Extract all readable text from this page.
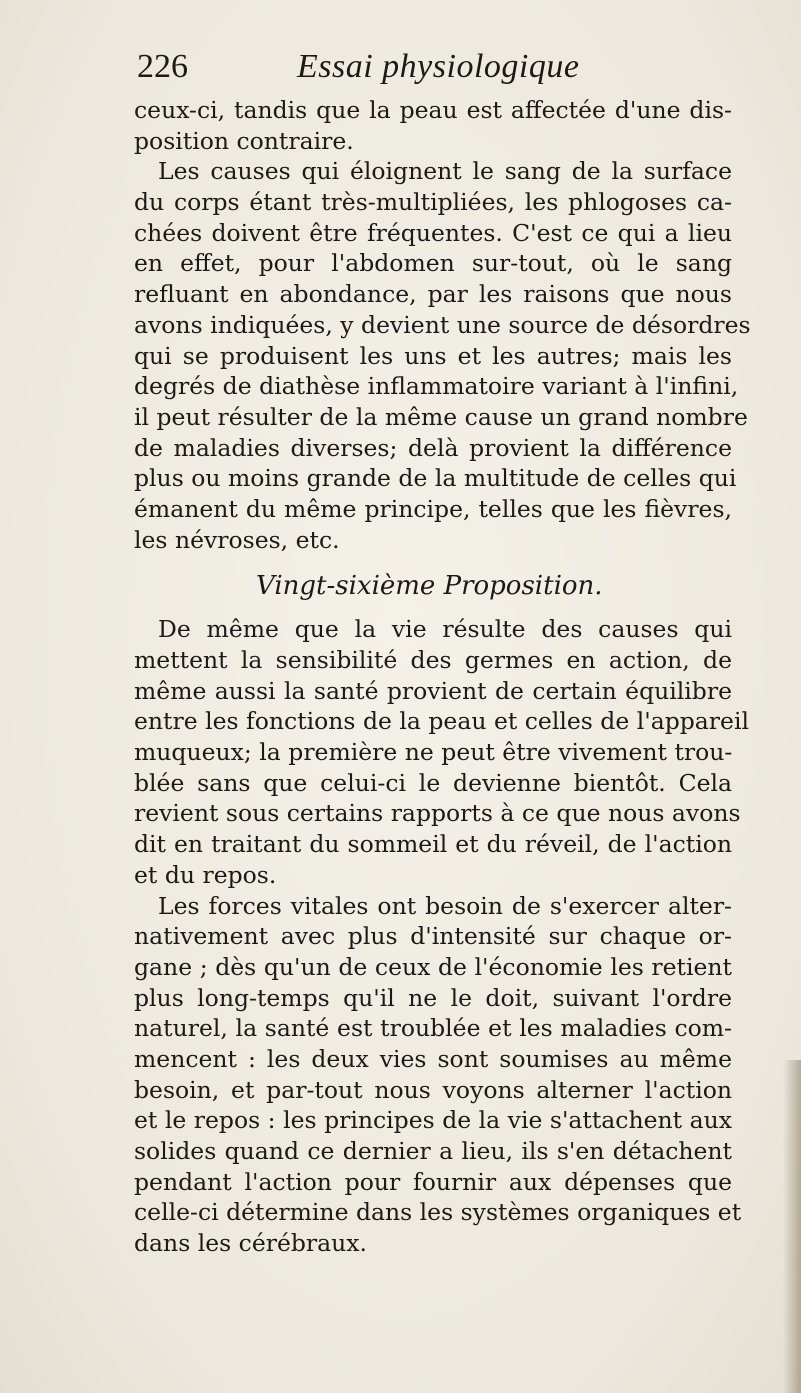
226	Essai physiologique
ceux-ci, tandis que la peau est affectée d'une dis-
position contraire.
Les causes qui éloignent le sang de la surface
du corps étant très-multipliées, les phlogoses ca-
chées doivent être fréquentes. C'est ce qui a lieu
en effet, pour l'abdomen sur-tout, où le sang
refluant en abondance, par les raisons que nous
avons indiquées, y devient une source de désordres
qui se produisent les uns et les autres; mais les
degrés de diathèse inflammatoire variant à l'infini,
il peut résulter de la même cause un grand nombre
de maladies diverses; delà provient la différence
plus ou moins grande de la multitude de celles qui
émanent du même principe, telles que les fièvres,
les névroses, etc.
Vingt-sixième Proposition.
De même que la vie résulte des causes qui
mettent la sensibilité des germes en action, de
même aussi la santé provient de certain équilibre
entre les fonctions de la peau et celles de l'appareil
muqueux; la première ne peut être vivement trou-
blée sans que celui-ci le devienne bientôt. Cela
revient sous certains rapports à ce que nous avons
dit en traitant du sommeil et du réveil, de l'action
et du repos.
Les forces vitales ont besoin de s'exercer alter-
nativement avec plus d'intensité sur chaque or-
gane ; dès qu'un de ceux de l'économie les retient
plus long-temps qu'il ne le doit, suivant l'ordre
naturel, la santé est troublée et les maladies com-
mencent : les deux vies sont soumises au même
besoin, et par-tout nous voyons alterner l'action
et le repos : les principes de la vie s'attachent aux
solides quand ce dernier a lieu, ils s'en détachent
pendant l'action pour fournir aux dépenses que
celle-ci détermine dans les systèmes organiques et
dans les cérébraux.
